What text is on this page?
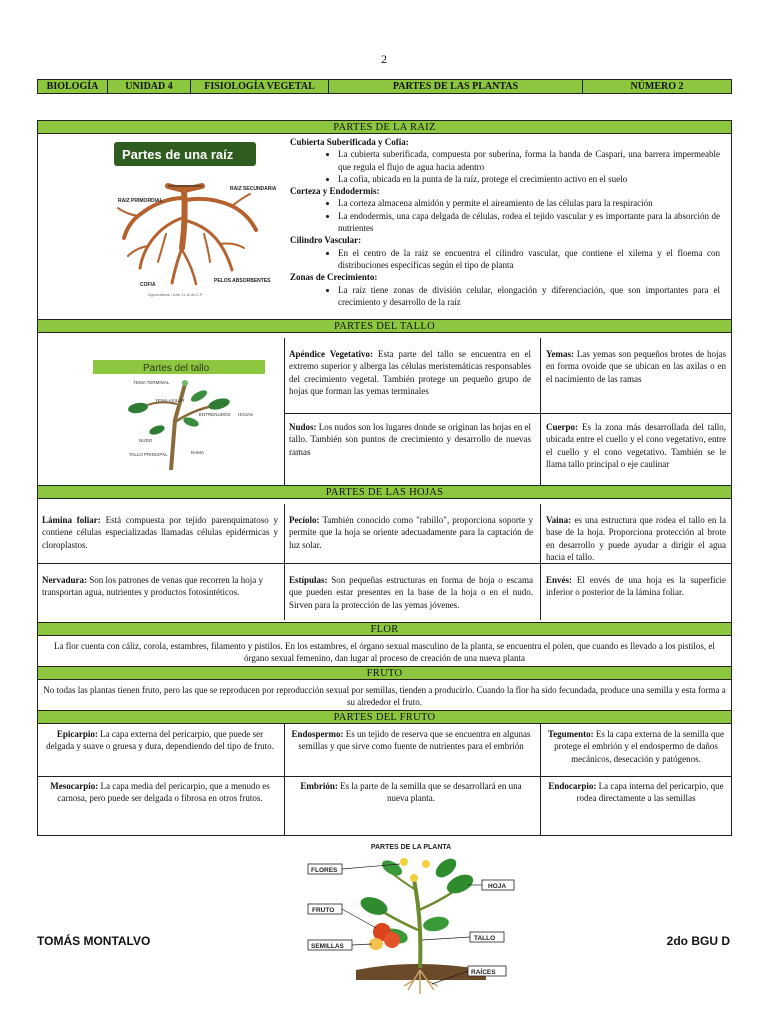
2
BIOLOGÍA	UNIDAD 4	FISIOLOGÍA VEGETAL	PARTES DE LAS PLANTAS	NÚMERO 2
PARTES DE LA RAIZ
Partes de una raíz
RAIZ PRIMORDIAL
RAIZ SECUNDARIA
COFIA
PELOS ABSORBENTES
Agrocultivos / Arte 1L & dir.C.P
Cubierta Suberificada y Cofia:
• La cubierta suberificada, compuesta por suberina, forma la banda de Caspari, una barrera impermeable que regula el flujo de agua hacia adentro
• La cofia, ubicada en la punta de la raíz, protege el crecimiento activo en el suelo
Corteza y Endodermis:
• La corteza almacena almidón y permite el aireamiento de las células para la respiración
• La endodermis, una capa delgada de células, rodea el tejido vascular y es importante para la absorción de nutrientes
Cilindro Vascular:
• En el centro de la raíz se encuentra el cilindro vascular, que contiene el xilema y el floema con distribuciones específicas según el tipo de planta
Zonas de Crecimiento:
• La raíz tiene zonas de división celular, elongación y diferenciación, que son importantes para el crecimiento y desarrollo de la raíz
PARTES DEL TALLO
Partes del tallo
YEMA TERMINAL
YEMA AXILAR
ENTRENUDOS HOJAS
NUDO
TALLO PRINCIPAL	RAMA
Apéndice Vegetativo: Esta parte del tallo se encuentra en el extremo superior y alberga las células meristemáticas responsables del crecimiento vegetal. También protege un pequeño grupo de hojas que forman las yemas terminales
Yemas: Las yemas son pequeños brotes de hojas en forma ovoide que se ubican en las axilas o en el nacimiento de las ramas
Nudos: Los nudos son los lugares donde se originan las hojas en el tallo. También son puntos de crecimiento y desarrollo de nuevas ramas
Cuerpo: Es la zona más desarrollada del tallo, ubicada entre el cuello y el cono vegetativo, entre el cuello y el cono vegetativo. También se le llama tallo principal o eje caulinar
PARTES DE LAS HOJAS
Lámina foliar: Está compuesta por tejido parenquimatoso y contiene células especializadas llamadas células epidérmicas y cloroplastos.
Pecíolo: También conocido como "rabillo", proporciona soporte y permite que la hoja se oriente adecuadamente para la captación de luz solar.
Vaina: es una estructura que rodea el tallo en la base de la hoja. Proporciona protección al brote en desarrollo y puede ayudar a dirigir el agua hacia el tallo.
Nervadura: Son los patrones de venas que recorren la hoja y transportan agua, nutrientes y productos fotosintéticos.
Estípulas: Son pequeñas estructuras en forma de hoja o escama que pueden estar presentes en la base de la hoja o en el nudo. Sirven para la protección de las yemas jóvenes.
Envés: El envés de una hoja es la superficie inferior o posterior de la lámina foliar.
FLOR
La flor cuenta con cáliz, corola, estambres, filamento y pistilos. En los estambres, el órgano sexual masculino de la planta, se encuentra el polen, que cuando es llevado a los pistilos, el órgano sexual femenino, dan lugar al proceso de creación de una nueva planta
FRUTO
No todas las plantas tienen fruto, pero las que se reproducen por reproducción sexual por semillas, tienden a producirlo. Cuando la flor ha sido fecundada, produce una semilla y esta forma a su alrededor el fruto.
PARTES DEL FRUTO
Epicarpio: La capa externa del pericarpio, que puede ser delgada y suave o gruesa y dura, dependiendo del tipo de fruto.
Endospermo: Es un tejido de reserva que se encuentra en algunas semillas y que sirve como fuente de nutrientes para el embrión
Tegumento: Es la capa externa de la semilla que protege el embrión y el endospermo de daños mecánicos, desecación y patógenos.
Mesocarpio: La capa media del pericarpio, que a menudo es carnosa, pero puede ser delgada o fibrosa en otros frutos.
Embrión: Es la parte de la semilla que se desarrollará en una nueva planta.
Endocarpio: La capa interna del pericarpio, que rodea directamente a las semillas
PARTES DE LA PLANTA
FLORES
HOJA
FRUTO
TALLO
SEMILLAS
RAÍCES
TOMÁS MONTALVO	2do BGU D
